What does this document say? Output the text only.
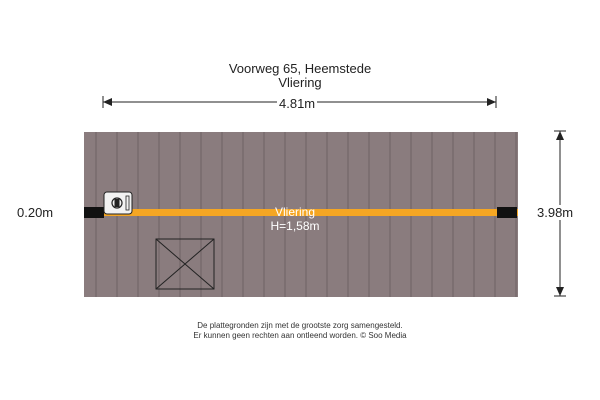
Voorweg 65, Heemstede
Vliering
4.81m
3.98m
0.20m	Vliering
H=1,58m
De plattegronden zijn met de grootste zorg samengesteld.
Er kunnen geen rechten aan ontleend worden. © Soo Media
